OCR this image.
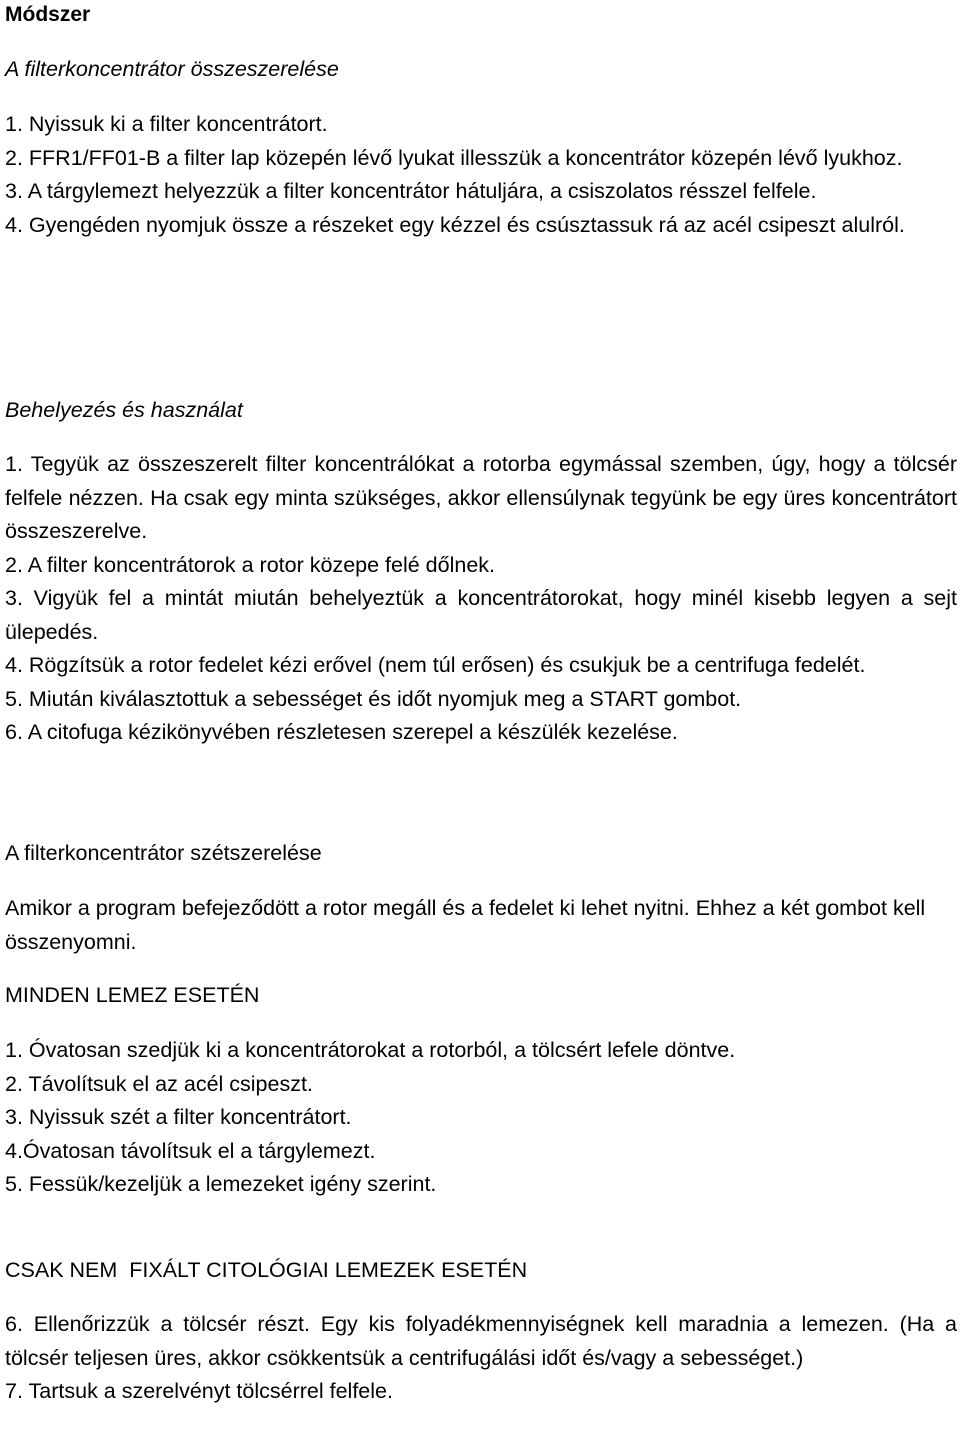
Módszer
A filterkoncentrátor összeszerelése

1. Nyissuk ki a filter koncentrátort.

2. FFR1/FF01-B a filter lap közepén lévő lyukat illesszük a koncentrátor közepén lévő lyukhoz.

3. A tárgylemezt helyezzük a filter koncentrátor hátuljára, a csiszolatos résszel felfele.

4. Gyengéden nyomjuk össze a részeket egy kézzel és csúsztassuk rá az acél csipeszt alulról.

Behelyezés és használat

1. Tegyük az összeszerelt filter koncentrálókat a rotorba egymással szemben, úgy, hogy a tölcsér felfele nézzen. Ha csak egy minta szükséges, akkor ellensúlynak tegyünk be egy üres koncentrátort összeszerelve.

2. A filter koncentrátorok a rotor közepe felé dőlnek.

3. Vigyük fel a mintát miután behelyeztük a koncentrátorokat, hogy minél kisebb legyen a sejt ülepedés.

4. Rögzítsük a rotor fedelet kézi erővel (nem túl erősen) és csukjuk be a centrifuga fedelét.

5. Miután kiválasztottuk a sebességet és időt nyomjuk meg a START gombot.

6. A citofuga kézikönyvében részletesen szerepel a készülék kezelése.

A filterkoncentrátor szétszerelése

Amikor a program befejeződött a rotor megáll és a fedelet ki lehet nyitni. Ehhez a két gombot kell összenyomni.

MINDEN LEMEZ ESETÉN

1. Óvatosan szedjük ki a koncentrátorokat a rotorból, a tölcsért lefele döntve.

2. Távolítsuk el az acél csipeszt.

3. Nyissuk szét a filter koncentrátort.

4.Óvatosan távolítsuk el a tárgylemezt.

5. Fessük/kezeljük a lemezeket igény szerint.

CSAK NEM  FIXÁLT CITOLÓGIAI LEMEZEK ESETÉN

6. Ellenőrizzük a tölcsér részt. Egy kis folyadékmennyiségnek kell maradnia a lemezen. (Ha a tölcsér teljesen üres, akkor csökkentsük a centrifugálási időt és/vagy a sebességet.)

7. Tartsuk a szerelvényt tölcsérrel felfele.
